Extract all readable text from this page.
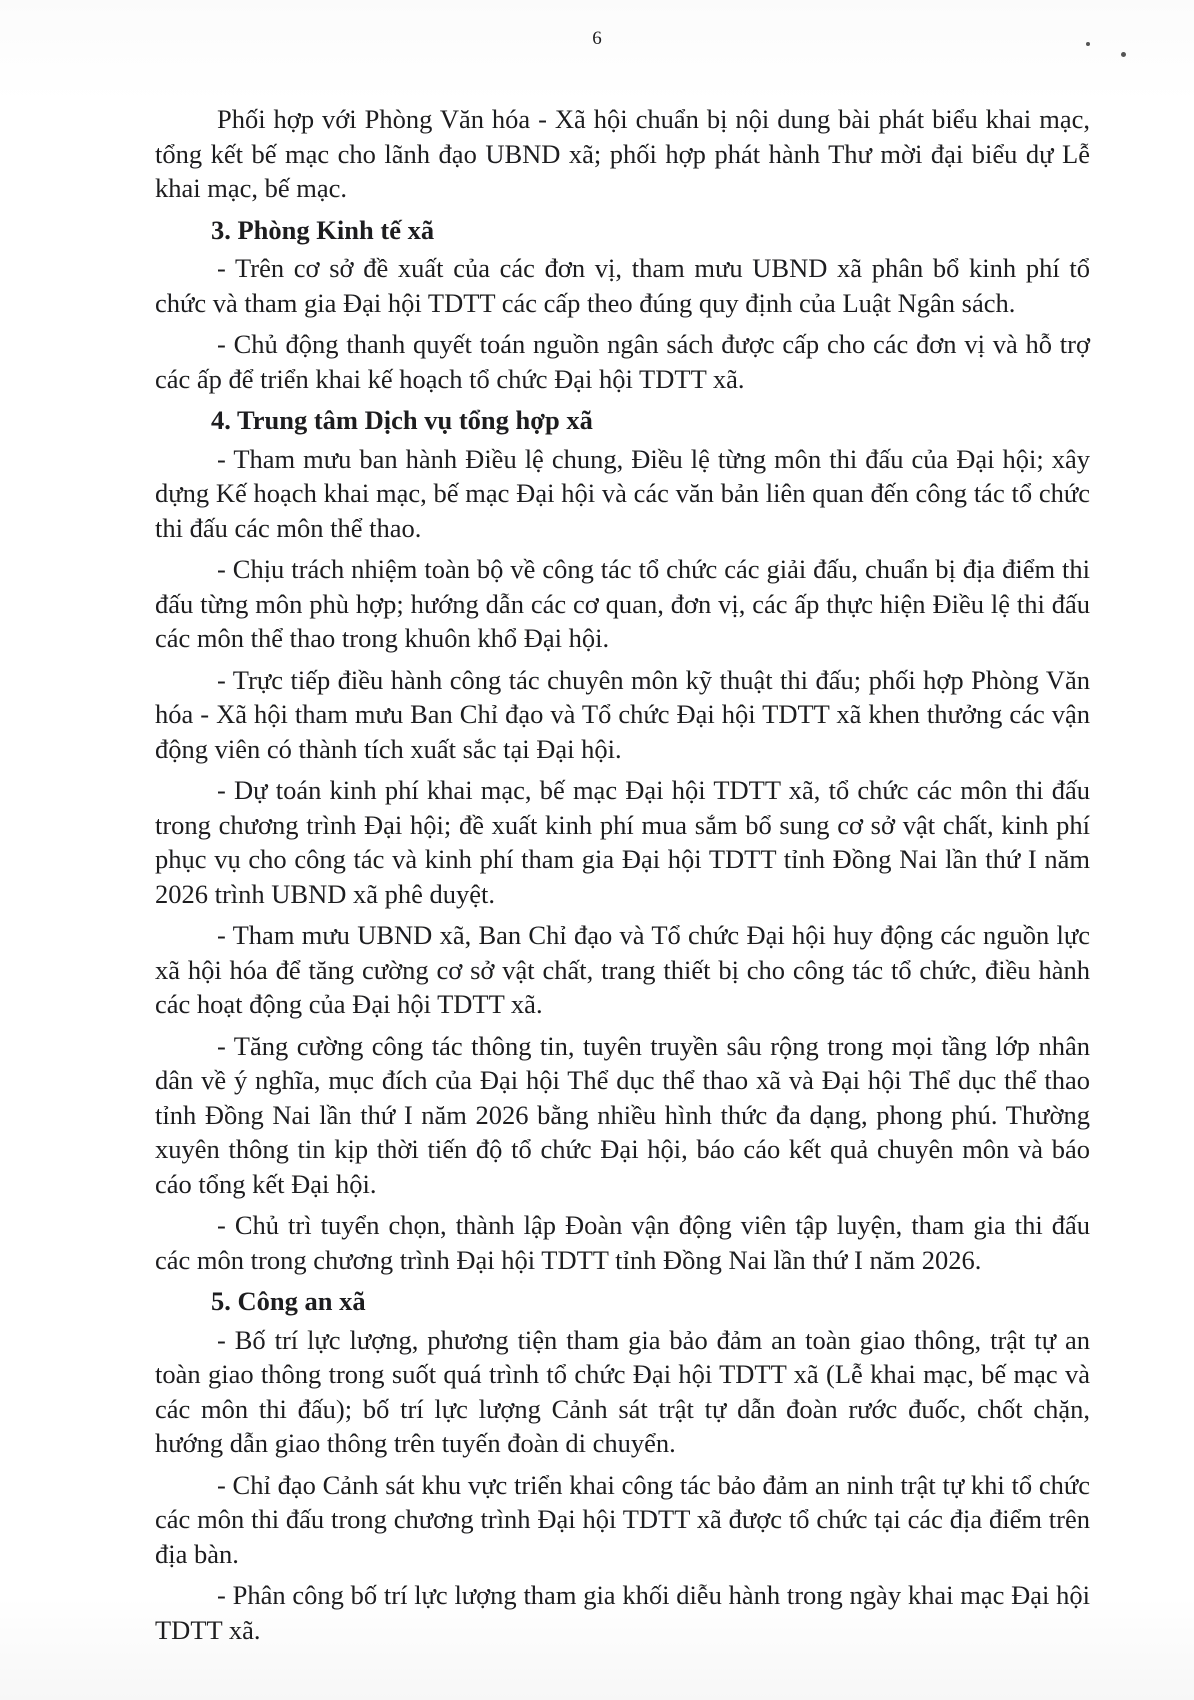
6

Phối hợp với Phòng Văn hóa - Xã hội chuẩn bị nội dung bài phát biểu khai mạc, tổng kết bế mạc cho lãnh đạo UBND xã; phối hợp phát hành Thư mời đại biểu dự Lễ khai mạc, bế mạc.

3. Phòng Kinh tế xã

- Trên cơ sở đề xuất của các đơn vị, tham mưu UBND xã phân bổ kinh phí tổ chức và tham gia Đại hội TDTT các cấp theo đúng quy định của Luật Ngân sách.

- Chủ động thanh quyết toán nguồn ngân sách được cấp cho các đơn vị và hỗ trợ các ấp để triển khai kế hoạch tổ chức Đại hội TDTT xã.

4. Trung tâm Dịch vụ tổng hợp xã

- Tham mưu ban hành Điều lệ chung, Điều lệ từng môn thi đấu của Đại hội; xây dựng Kế hoạch khai mạc, bế mạc Đại hội và các văn bản liên quan đến công tác tổ chức thi đấu các môn thể thao.

- Chịu trách nhiệm toàn bộ về công tác tổ chức các giải đấu, chuẩn bị địa điểm thi đấu từng môn phù hợp; hướng dẫn các cơ quan, đơn vị, các ấp thực hiện Điều lệ thi đấu các môn thể thao trong khuôn khổ Đại hội.

- Trực tiếp điều hành công tác chuyên môn kỹ thuật thi đấu; phối hợp Phòng Văn hóa - Xã hội tham mưu Ban Chỉ đạo và Tổ chức Đại hội TDTT xã khen thưởng các vận động viên có thành tích xuất sắc tại Đại hội.

- Dự toán kinh phí khai mạc, bế mạc Đại hội TDTT xã, tổ chức các môn thi đấu trong chương trình Đại hội; đề xuất kinh phí mua sắm bổ sung cơ sở vật chất, kinh phí phục vụ cho công tác và kinh phí tham gia Đại hội TDTT tỉnh Đồng Nai lần thứ I năm 2026 trình UBND xã phê duyệt.

- Tham mưu UBND xã, Ban Chỉ đạo và Tổ chức Đại hội huy động các nguồn lực xã hội hóa để tăng cường cơ sở vật chất, trang thiết bị cho công tác tổ chức, điều hành các hoạt động của Đại hội TDTT xã.

- Tăng cường công tác thông tin, tuyên truyền sâu rộng trong mọi tầng lớp nhân dân về ý nghĩa, mục đích của Đại hội Thể dục thể thao xã và Đại hội Thể dục thể thao tỉnh Đồng Nai lần thứ I năm 2026 bằng nhiều hình thức đa dạng, phong phú. Thường xuyên thông tin kịp thời tiến độ tổ chức Đại hội, báo cáo kết quả chuyên môn và báo cáo tổng kết Đại hội.

- Chủ trì tuyển chọn, thành lập Đoàn vận động viên tập luyện, tham gia thi đấu các môn trong chương trình Đại hội TDTT tỉnh Đồng Nai lần thứ I năm 2026.

5. Công an xã

- Bố trí lực lượng, phương tiện tham gia bảo đảm an toàn giao thông, trật tự an toàn giao thông trong suốt quá trình tổ chức Đại hội TDTT xã (Lễ khai mạc, bế mạc và các môn thi đấu); bố trí lực lượng Cảnh sát trật tự dẫn đoàn rước đuốc, chốt chặn, hướng dẫn giao thông trên tuyến đoàn di chuyển.

- Chỉ đạo Cảnh sát khu vực triển khai công tác bảo đảm an ninh trật tự khi tổ chức các môn thi đấu trong chương trình Đại hội TDTT xã được tổ chức tại các địa điểm trên địa bàn.

- Phân công bố trí lực lượng tham gia khối diễu hành trong ngày khai mạc Đại hội TDTT xã.
